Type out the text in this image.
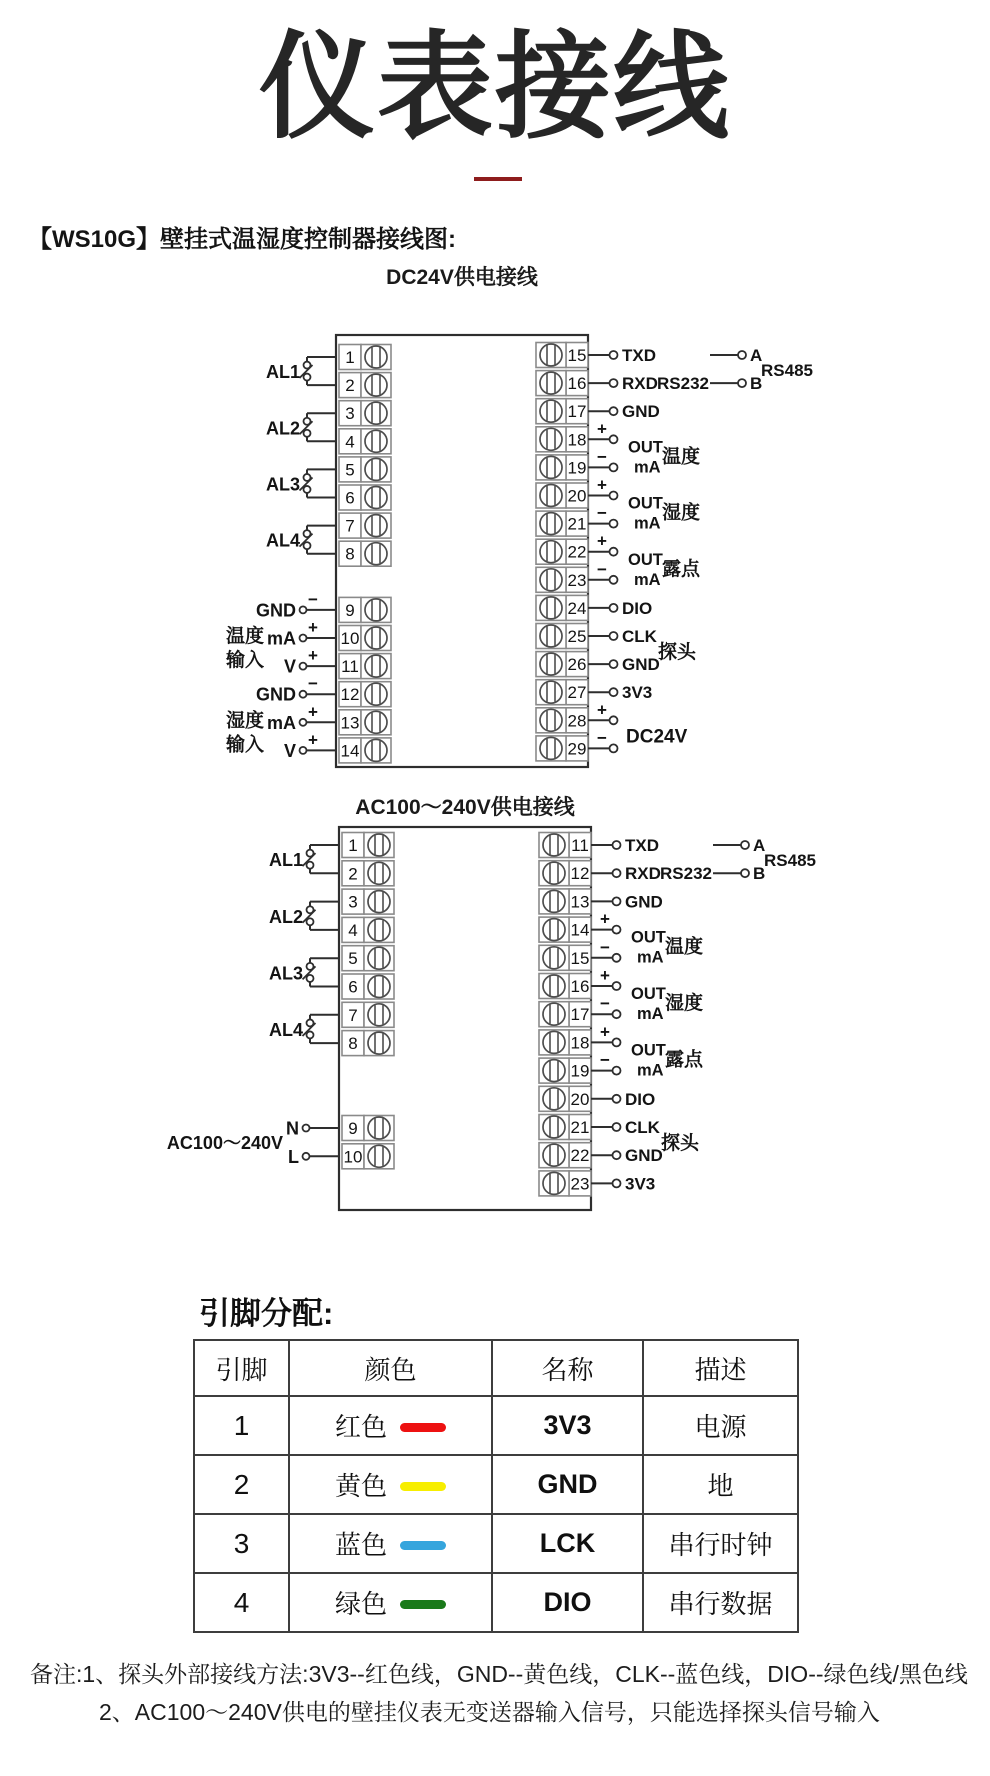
仪表接线
【WS10G】壁挂式温湿度控制器接线图:
DC24V供电接线
AC100～240V供电接线
1
2
3
4
5
6
7
8
9
10
11
12
13
14
15
16
17
18
19
20
21
22
23
24
25
26
27
28
29
AL1
AL2
AL3
AL4
GND
−
mA
+
V
+
GND
−
mA
+
V
+
温度
输入
湿度
输入
TXD
RXD RS232
GND
+
−
+
−
+
−
DIO
CLK
GND
3V3
+
−
OUT
mA 温度
OUT
mA 湿度
OUT
mA 露点
探头
DC24V
A
B
RS485
1
2
3
4
5
6
7
8
9
10
11
12
13
14
15
16
17
18
19
20
21
22
23
AL1
AL2
AL3
AL4
N
L
AC100～240V
TXD
RXD RS232
GND
+
−
+
−
+
−
DIO
CLK
GND
3V3
OUT
mA 温度
OUT
mA 湿度
OUT
mA 露点
探头
A
B
RS485
引脚分配:
引脚	颜色	名称	描述
1	红色	3V3	电源
2	黄色	GND	地
3	蓝色	LCK	串行时钟
4	绿色	DIO	串行数据
备注:1、探头外部接线方法:3V3--红色线，GND--黄色线，CLK--蓝色线，DIO--绿色线/黑色线
2、AC100～240V供电的壁挂仪表无变送器输入信号，只能选择探头信号输入
